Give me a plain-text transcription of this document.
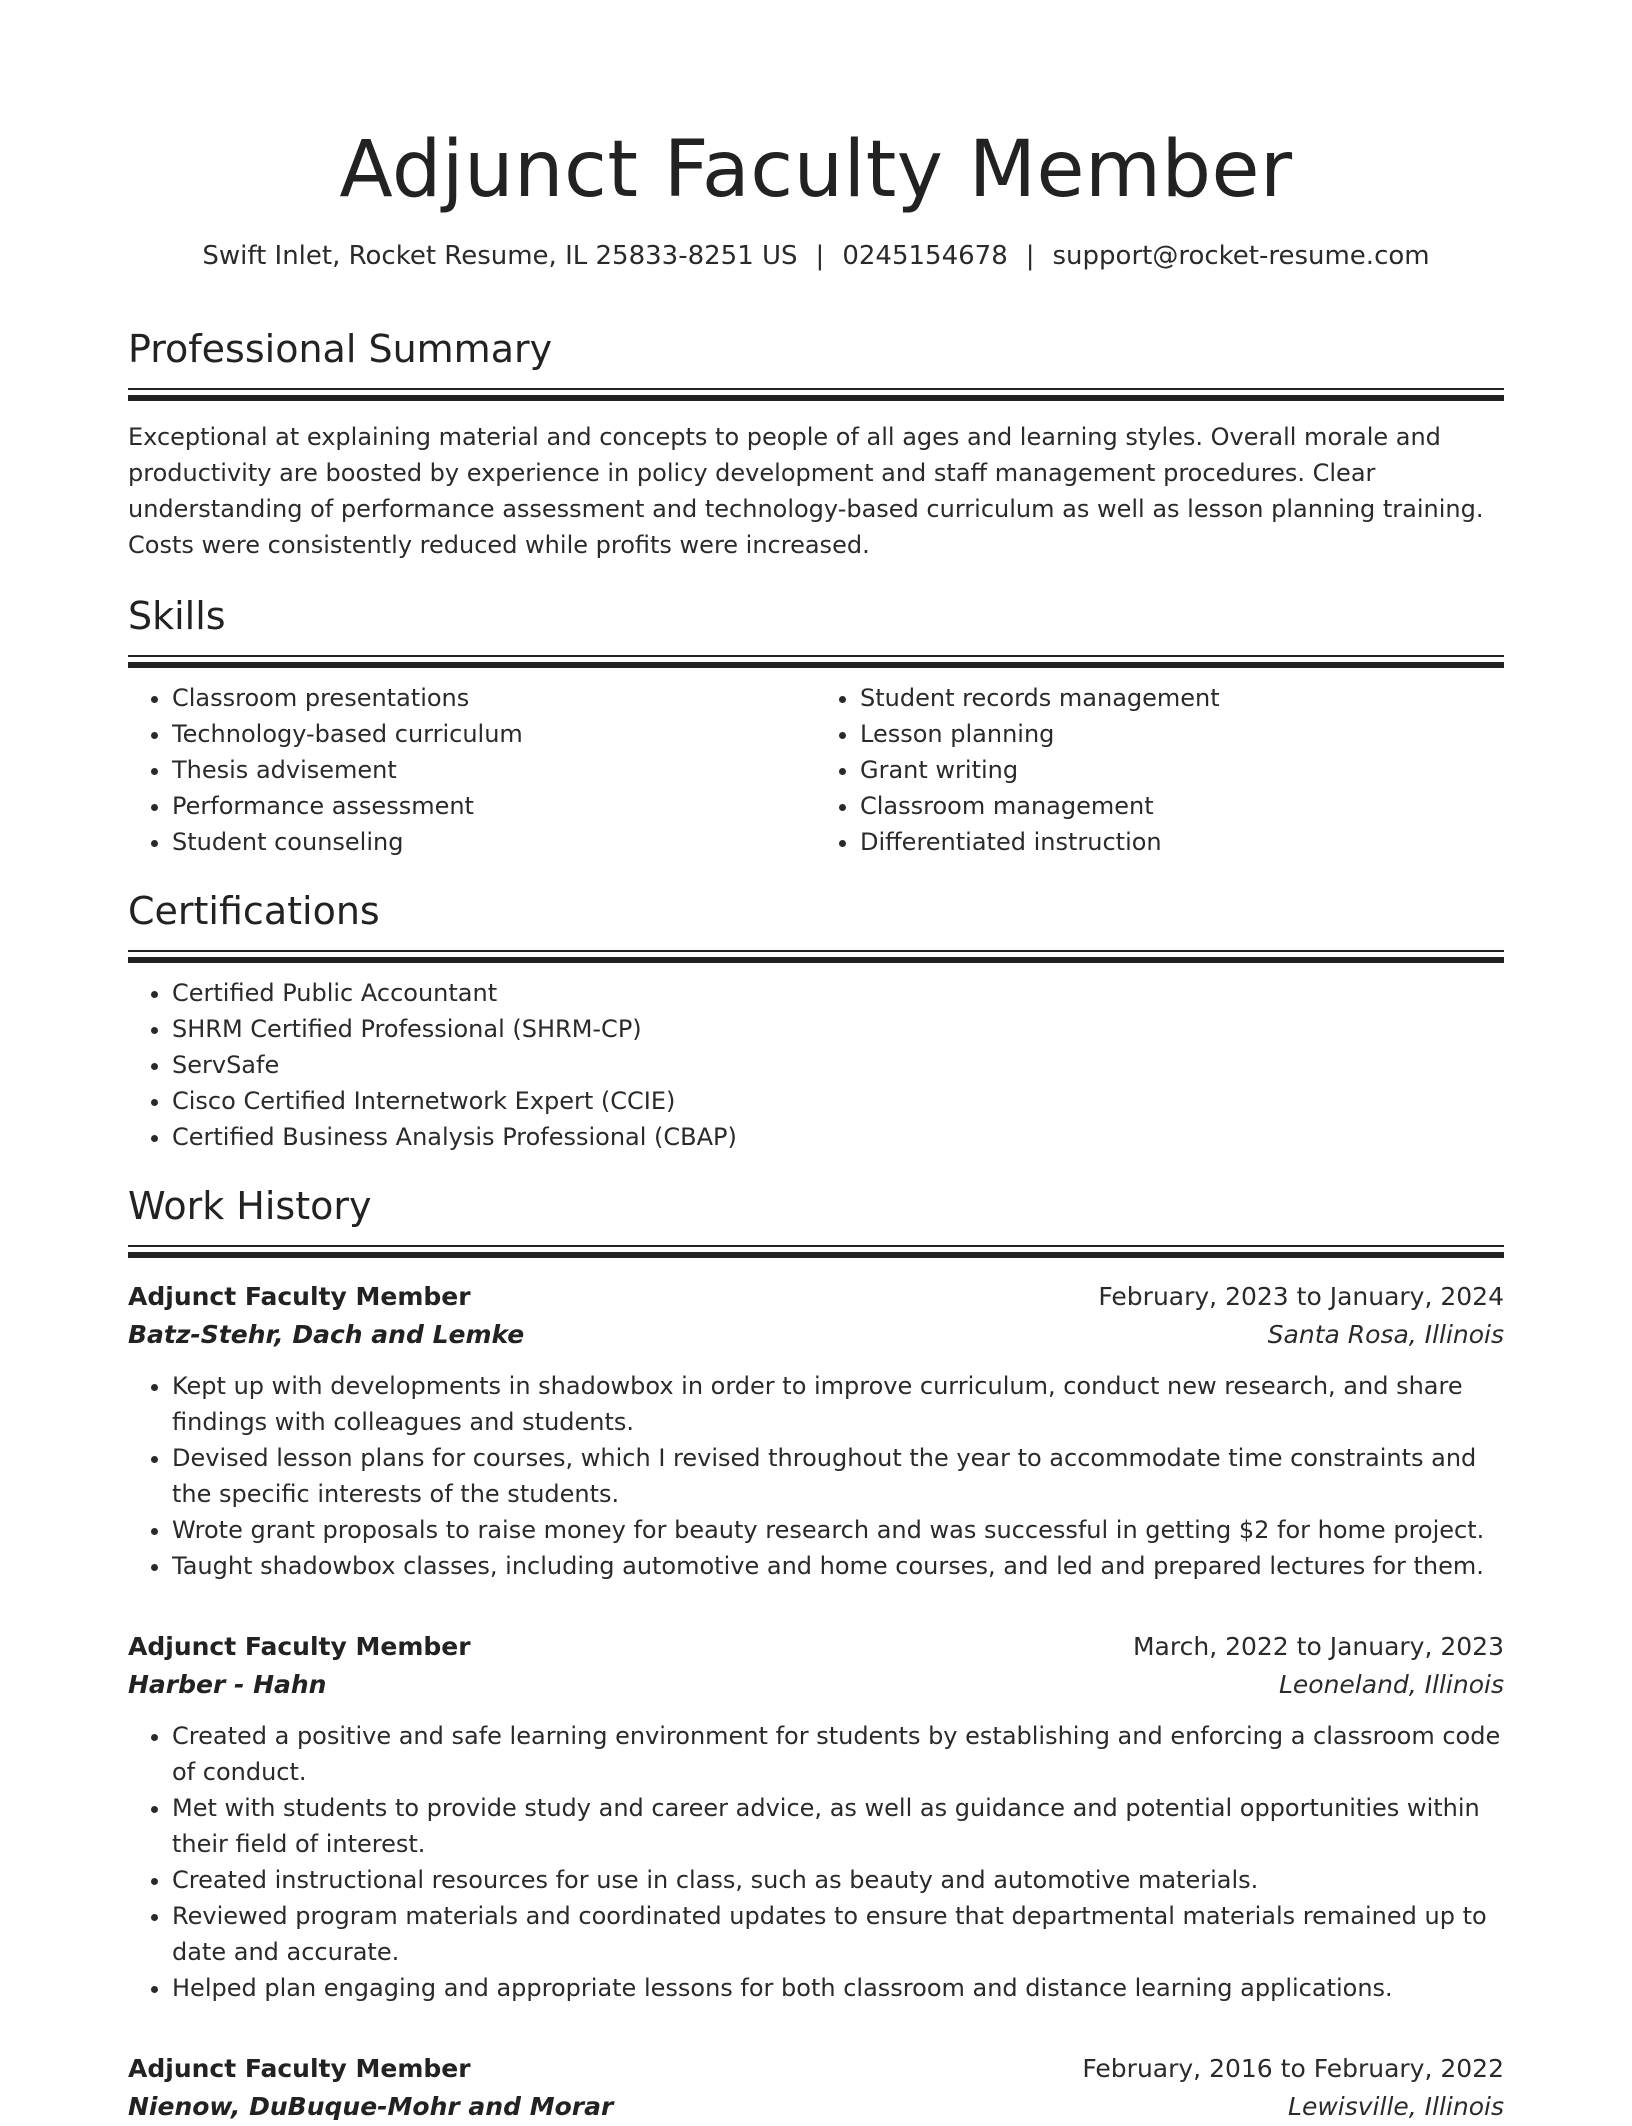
Adjunct Faculty Member
Swift Inlet, Rocket Resume, IL 25833-8251 US | 0245154678 | support@rocket-resume.com
Professional Summary

Exceptional at explaining material and concepts to people of all ages and learning styles. Overall morale and productivity are boosted by experience in policy development and staff management procedures. Clear understanding of performance assessment and technology-based curriculum as well as lesson planning training. Costs were consistently reduced while profits were increased.

Skills
• Classroom presentations
• Technology-based curriculum
• Thesis advisement
• Performance assessment
• Student counseling
• Student records management
• Lesson planning
• Grant writing
• Classroom management
• Differentiated instruction
Certifications
• Certified Public Accountant
• SHRM Certified Professional (SHRM-CP)
• ServSafe
• Cisco Certified Internetwork Expert (CCIE)
• Certified Business Analysis Professional (CBAP)
Work History
Adjunct Faculty Member	February, 2023 to January, 2024
Batz-Stehr, Dach and Lemke	Santa Rosa, Illinois
• Kept up with developments in shadowbox in order to improve curriculum, conduct new research, and share findings with colleagues and students.
• Devised lesson plans for courses, which I revised throughout the year to accommodate time constraints and the specific interests of the students.
• Wrote grant proposals to raise money for beauty research and was successful in getting $2 for home project.
• Taught shadowbox classes, including automotive and home courses, and led and prepared lectures for them.
Adjunct Faculty Member	March, 2022 to January, 2023
Harber - Hahn	Leoneland, Illinois
• Created a positive and safe learning environment for students by establishing and enforcing a classroom code of conduct.
• Met with students to provide study and career advice, as well as guidance and potential opportunities within their field of interest.
• Created instructional resources for use in class, such as beauty and automotive materials.
• Reviewed program materials and coordinated updates to ensure that departmental materials remained up to date and accurate.
• Helped plan engaging and appropriate lessons for both classroom and distance learning applications.
Adjunct Faculty Member	February, 2016 to February, 2022
Nienow, DuBuque-Mohr and Morar	Lewisville, Illinois
